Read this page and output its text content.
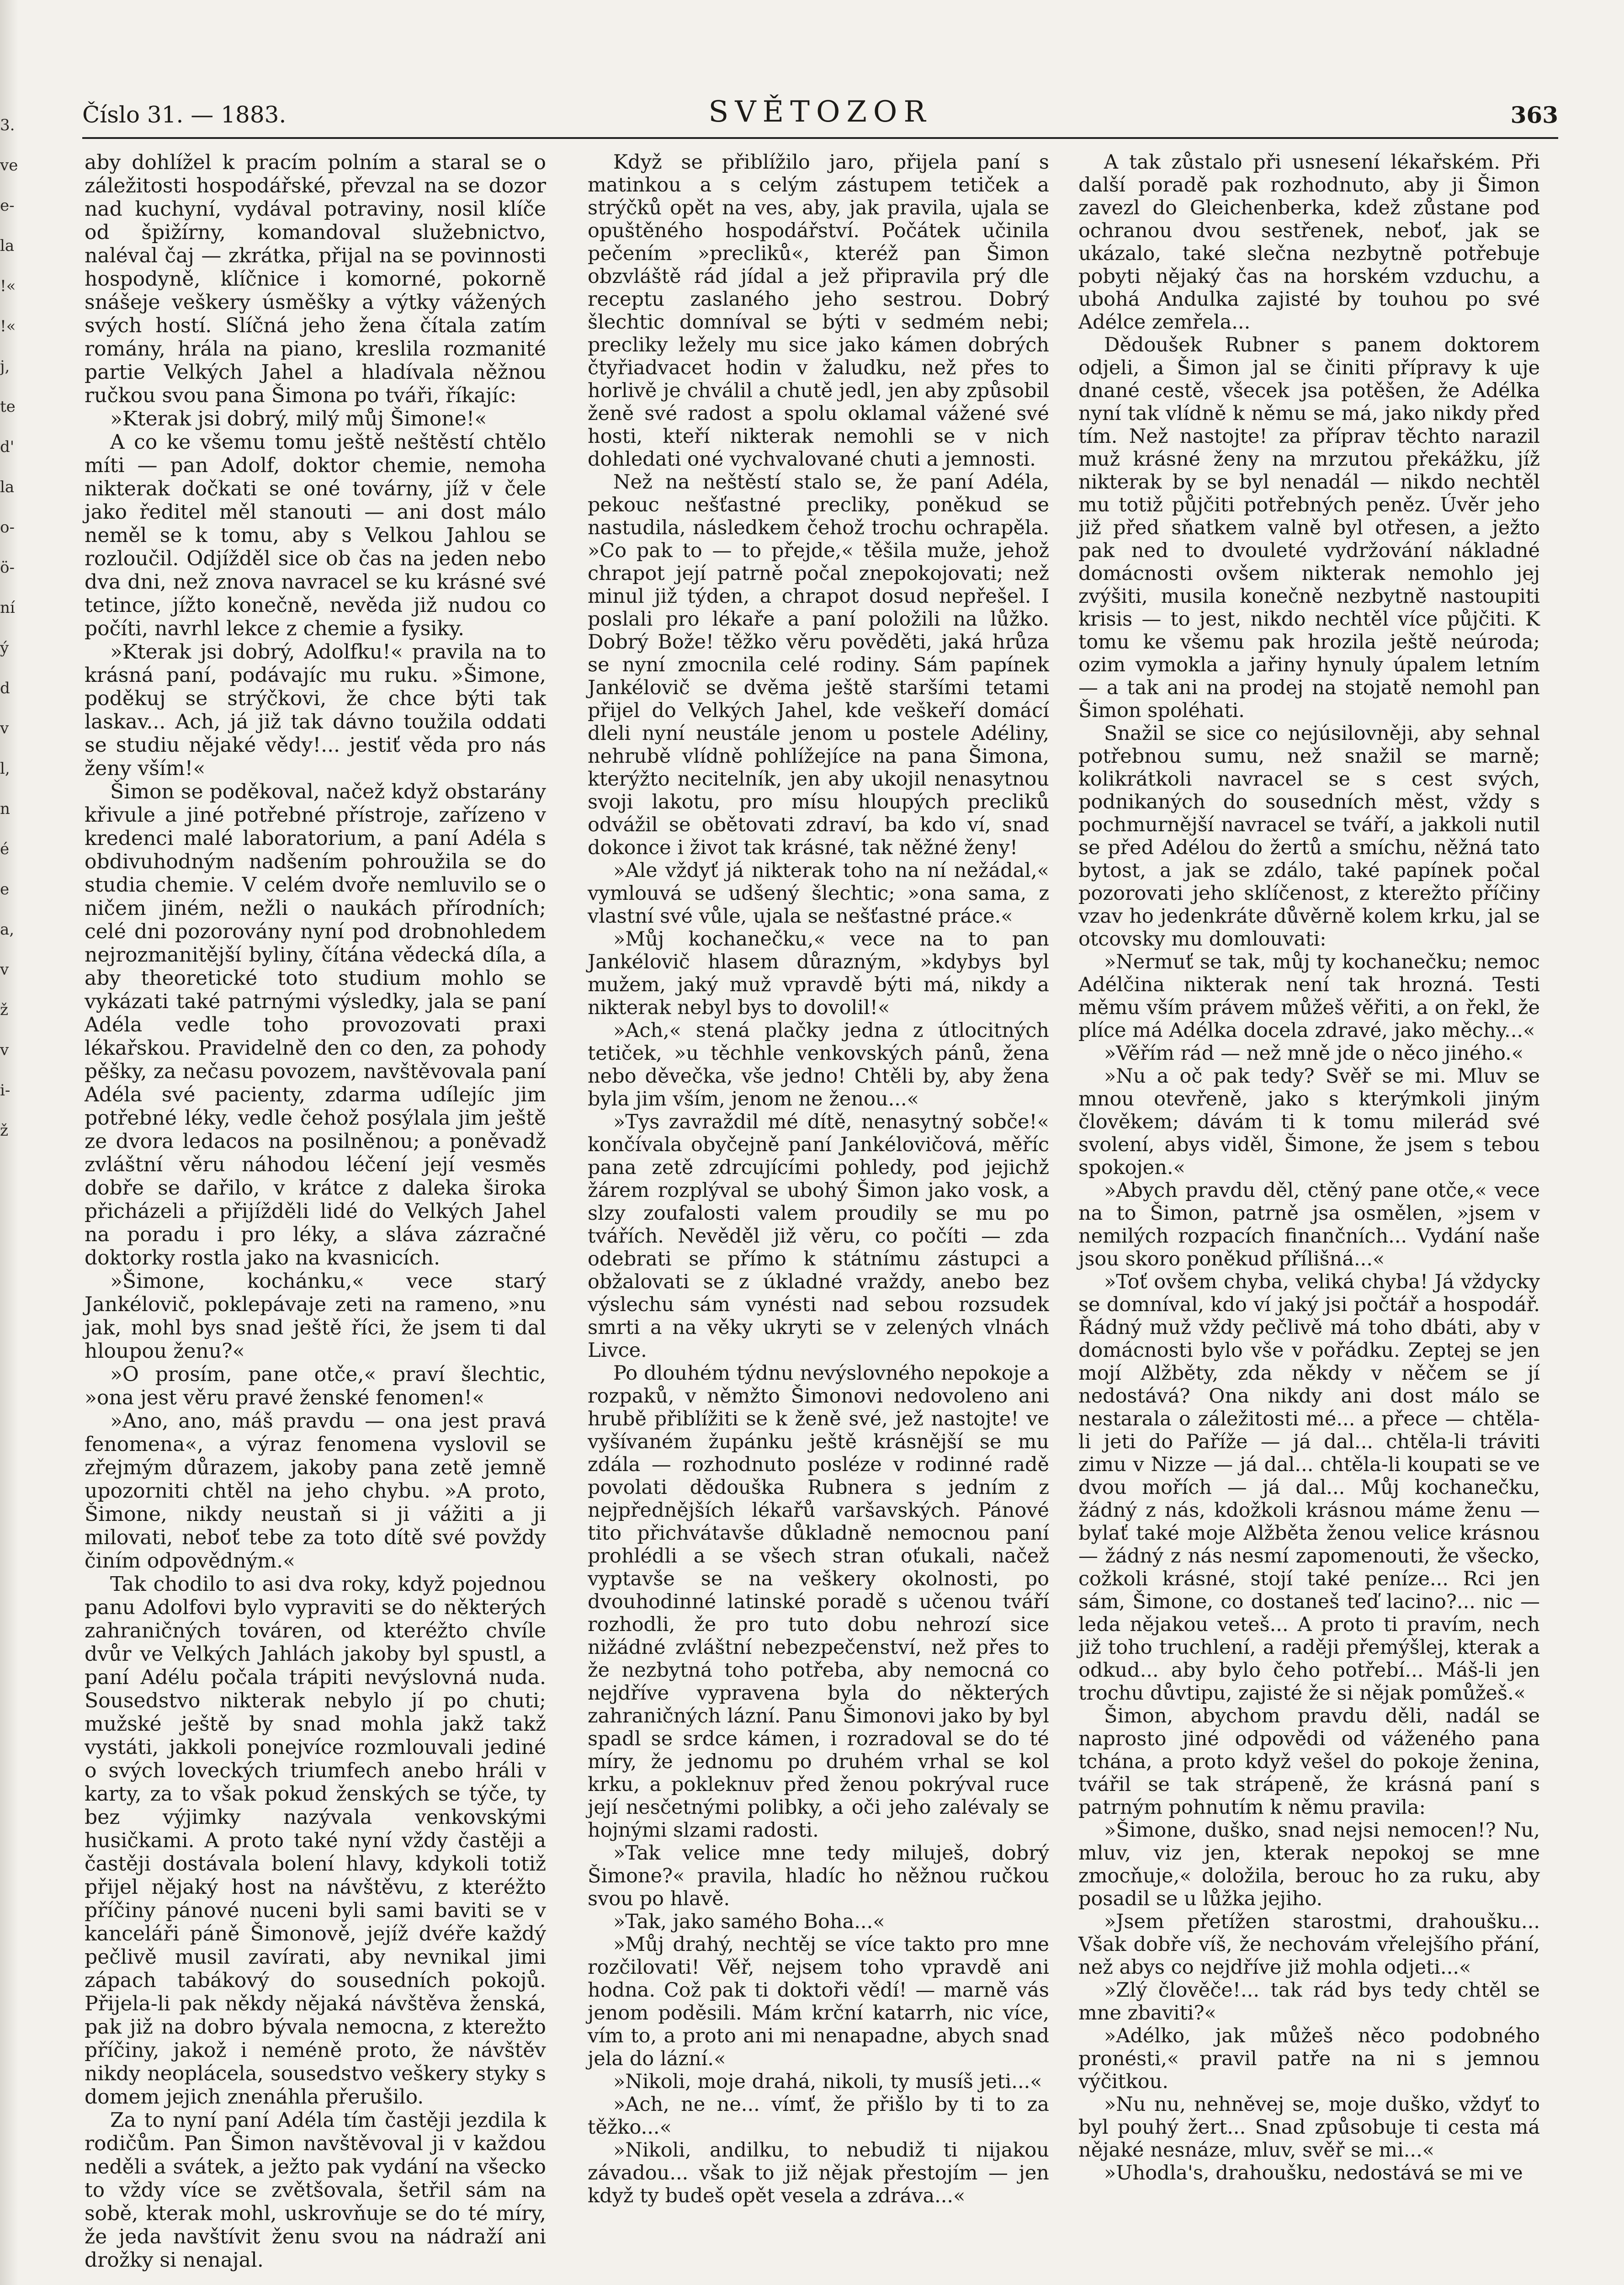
3.
ve
e-
la
!«
!«
j,
te
d'
la
o-
ö-
ní
ý
d
v
l,
n
é
e
a,
v
ž
v
i-
ž
Číslo 31. — 1883.	SVĚTOZOR	363

aby dohlížel k pracím polním a staral se o záležitosti hospodářské, převzal na se dozor nad kuchyní, vydával potraviny, nosil klíče od špižírny, komandoval služebnictvo, naléval čaj — zkrátka, přijal na se povinnosti hospodyně, klíčnice i komorné, pokorně snášeje veškery úsměšky a výtky vážených svých hostí. Slíčná jeho žena čítala zatím romány, hrála na piano, kreslila rozmanité partie Velkých Jahel a hladívala něžnou ručkou svou pana Šimona po tváři, říkajíc:

»Kterak jsi dobrý, milý můj Šimone!«

A co ke všemu tomu ještě neštěstí chtělo míti — pan Adolf, doktor chemie, nemoha nikterak dočkati se oné továrny, jíž v čele jako ředitel měl stanouti — ani dost málo neměl se k tomu, aby s Velkou Jahlou se rozloučil. Odjížděl sice ob čas na jeden nebo dva dni, než znova navracel se ku krásné své tetince, jížto konečně, nevěda již nudou co počíti, navrhl lekce z chemie a fysiky.

»Kterak jsi dobrý, Adolfku!« pravila na to krásná paní, podávajíc mu ruku. »Šimone, poděkuj se strýčkovi, že chce býti tak laskav... Ach, já již tak dávno toužila oddati se studiu nějaké vědy!... jestiť věda pro nás ženy vším!«

Šimon se poděkoval, načež když obstarány křivule a jiné potřebné přístroje, zařízeno v kredenci malé laboratorium, a paní Adéla s obdivuhodným nadšením pohroužila se do studia chemie. V celém dvoře nemluvilo se o ničem jiném, nežli o naukách přírodních; celé dni pozorovány nyní pod drobnohledem nejrozmanitější byliny, čítána vědecká díla, a aby theoretické toto studium mohlo se vykázati také patrnými výsledky, jala se paní Adéla vedle toho provozovati praxi lékařskou. Pravidelně den co den, za pohody pěšky, za nečasu povozem, navštěvovala paní Adéla své pacienty, zdarma udílejíc jim potřebné léky, vedle čehož posýlala jim ještě ze dvora ledacos na posilněnou; a poněvadž zvláštní věru náhodou léčení její vesměs dobře se dařilo, v krátce z daleka široka přicházeli a přijížděli lidé do Velkých Jahel na poradu i pro léky, a sláva zázračné doktorky rostla jako na kvasnicích.

»Šimone, kochánku,« vece starý Jankélovič, poklepávaje zeti na rameno, »nu jak, mohl bys snad ještě říci, že jsem ti dal hloupou ženu?«

»O prosím, pane otče,« praví šlechtic, »ona jest věru pravé ženské fenomen!«

»Ano, ano, máš pravdu — ona jest pravá fenomena«, a výraz fenomena vyslovil se zřejmým důrazem, jakoby pana zetě jemně upozorniti chtěl na jeho chybu. »A proto, Šimone, nikdy neustaň si ji vážiti a ji milovati, neboť tebe za toto dítě své povždy činím odpovědným.«

Tak chodilo to asi dva roky, když pojednou panu Adolfovi bylo vypraviti se do některých zahraničných továren, od kteréžto chvíle dvůr ve Velkých Jahlách jakoby byl spustl, a paní Adélu počala trápiti nevýslovná nuda. Sousedstvo nikterak nebylo jí po chuti; mužské ještě by snad mohla jakž takž vystáti, jakkoli ponejvíce rozmlouvali jediné o svých loveckých triumfech anebo hráli v karty, za to však pokud ženských se týče, ty bez výjimky nazývala venkovskými husičkami. A proto také nyní vždy častěji a častěji dostávala bolení hlavy, kdykoli totiž přijel nějaký host na návštěvu, z kteréžto příčiny pánové nuceni byli sami baviti se v kanceláři páně Šimonově, jejíž dvéře každý pečlivě musil zavírati, aby nevnikal jimi zápach tabákový do sousedních pokojů. Přijela-li pak někdy nějaká návštěva ženská, pak již na dobro bývala nemocna, z kterežto příčiny, jakož i neméně proto, že návštěv nikdy neoplácela, sousedstvo veškery styky s domem jejich znenáhla přerušilo.

Za to nyní paní Adéla tím častěji jezdila k rodičům. Pan Šimon navštěvoval ji v každou neděli a svátek, a ježto pak vydání na všecko to vždy více se zvětšovala, šetřil sám na sobě, kterak mohl, uskrovňuje se do té míry, že jeda navštívit ženu svou na nádraží ani drožky si nenajal.

Když se přiblížilo jaro, přijela paní s matinkou a s celým zástupem tetiček a strýčků opět na ves, aby, jak pravila, ujala se opuštěného hospodářství. Počátek učinila pečením »precliků«, kteréž pan Šimon obzvláště rád jídal a jež připravila prý dle receptu zaslaného jeho sestrou. Dobrý šlechtic domníval se býti v sedmém nebi; precliky ležely mu sice jako kámen dobrých čtyřiadvacet hodin v žaludku, než přes to horlivě je chválil a chutě jedl, jen aby způsobil ženě své radost a spolu oklamal vážené své hosti, kteří nikterak nemohli se v nich dohledati oné vychvalované chuti a jemnosti.

Než na neštěstí stalo se, že paní Adéla, pekouc nešťastné precliky, poněkud se nastudila, následkem čehož trochu ochrapěla. »Co pak to — to přejde,« těšila muže, jehož chrapot její patrně počal znepokojovati; než minul již týden, a chrapot dosud nepřešel. I poslali pro lékaře a paní položili na lůžko. Dobrý Bože! těžko věru pověděti, jaká hrůza se nyní zmocnila celé rodiny. Sám papínek Jankélovič se dvěma ještě staršími tetami přijel do Velkých Jahel, kde veškeří domácí dleli nyní neustále jenom u postele Adéliny, nehrubě vlídně pohlížejíce na pana Šimona, kterýžto necitelník, jen aby ukojil nenasytnou svoji lakotu, pro mísu hloupých precliků odvážil se obětovati zdraví, ba kdo ví, snad dokonce i život tak krásné, tak něžné ženy!

»Ale vždyť já nikterak toho na ní nežádal,« vymlouvá se udšený šlechtic; »ona sama, z vlastní své vůle, ujala se nešťastné práce.«

»Můj kochanečku,« vece na to pan Jankélovič hlasem důrazným, »kdybys byl mužem, jaký muž vpravdě býti má, nikdy a nikterak nebyl bys to dovolil!«

»Ach,« stená plačky jedna z útlocitných tetiček, »u těchhle venkovských pánů, žena nebo děvečka, vše jedno! Chtěli by, aby žena byla jim vším, jenom ne ženou...«

»Tys zavraždil mé dítě, nenasytný sobče!« končívala obyčejně paní Jankélovičová, měříc pana zetě zdrcujícími pohledy, pod jejichž žárem rozplýval se ubohý Šimon jako vosk, a slzy zoufalosti valem proudily se mu po tvářích. Nevěděl již věru, co počíti — zda odebrati se přímo k státnímu zástupci a obžalovati se z úkladné vraždy, anebo bez výslechu sám vynésti nad sebou rozsudek smrti a na věky ukryti se v zelených vlnách Livce.

Po dlouhém týdnu nevýslovného nepokoje a rozpaků, v němžto Šimonovi nedovoleno ani hrubě přiblížiti se k ženě své, jež nastojte! ve vyšívaném župánku ještě krásnější se mu zdála — rozhodnuto posléze v rodinné radě povolati dědouška Rubnera s jedním z nejpřednějších lékařů varšavských. Pánové tito přichvátavše důkladně nemocnou paní prohlédli a se všech stran oťukali, načež vyptavše se na veškery okolnosti, po dvouhodinné latinské poradě s učenou tváří rozhodli, že pro tuto dobu nehrozí sice nižádné zvláštní nebezpečenství, než přes to že nezbytná toho potřeba, aby nemocná co nejdříve vypravena byla do některých zahraničných lázní. Panu Šimonovi jako by byl spadl se srdce kámen, i rozradoval se do té míry, že jednomu po druhém vrhal se kol krku, a pokleknuv před ženou pokrýval ruce její nesčetnými polibky, a oči jeho zalévaly se hojnými slzami radosti.

»Tak velice mne tedy miluješ, dobrý Šimone?« pravila, hladíc ho něžnou ručkou svou po hlavě.

»Tak, jako samého Boha...«

»Můj drahý, nechtěj se více takto pro mne rozčilovati! Věř, nejsem toho vpravdě ani hodna. Což pak ti doktoři vědí! — marně vás jenom poděsili. Mám krční katarrh, nic více, vím to, a proto ani mi nenapadne, abych snad jela do lázní.«

»Nikoli, moje drahá, nikoli, ty musíš jeti...«

»Ach, ne ne... vímť, že přišlo by ti to za těžko...«

»Nikoli, andilku, to nebudiž ti nijakou závadou... však to již nějak přestojím — jen když ty budeš opět vesela a zdráva...«

A tak zůstalo při usnesení lékařském. Při další poradě pak rozhodnuto, aby ji Šimon zavezl do Gleichenberka, kdež zůstane pod ochranou dvou sestřenek, neboť, jak se ukázalo, také slečna nezbytně potřebuje pobyti nějaký čas na horském vzduchu, a ubohá Andulka zajisté by touhou po své Adélce zemřela...

Dědoušek Rubner s panem doktorem odjeli, a Šimon jal se činiti přípravy k uje dnané cestě, všecek jsa potěšen, že Adélka nyní tak vlídně k němu se má, jako nikdy před tím. Než nastojte! za příprav těchto narazil muž krásné ženy na mrzutou překážku, jíž nikterak by se byl nenadál — nikdo nechtěl mu totiž půjčiti potřebných peněz. Úvěr jeho již před sňatkem valně byl otřesen, a ježto pak ned to dvouleté vydržování nákladné domácnosti ovšem nikterak nemohlo jej zvýšiti, musila konečně nezbytně nastoupiti krisis — to jest, nikdo nechtěl více půjčiti. K tomu ke všemu pak hrozila ještě neúroda; ozim vymokla a jařiny hynuly úpalem letním — a tak ani na prodej na stojatě nemohl pan Šimon spoléhati.

Snažil se sice co nejúsilovněji, aby sehnal potřebnou sumu, než snažil se marně; kolikrátkoli navracel se s cest svých, podnikaných do sousedních měst, vždy s pochmurnější navracel se tváří, a jakkoli nutil se před Adélou do žertů a smíchu, něžná tato bytost, a jak se zdálo, také papínek počal pozorovati jeho sklíčenost, z kterežto příčiny vzav ho jedenkráte důvěrně kolem krku, jal se otcovsky mu domlouvati:

»Nermuť se tak, můj ty kochanečku; nemoc Adélčina nikterak není tak hrozná. Testi měmu vším právem můžeš věřiti, a on řekl, že plíce má Adélka docela zdravé, jako měchy...«

»Věřím rád — než mně jde o něco jiného.«

»Nu a oč pak tedy? Svěř se mi. Mluv se mnou otevřeně, jako s kterýmkoli jiným člověkem; dávám ti k tomu milerád své svolení, abys viděl, Šimone, že jsem s tebou spokojen.«

»Abych pravdu děl, ctěný pane otče,« vece na to Šimon, patrně jsa osmělen, »jsem v nemilých rozpacích finančních... Vydání naše jsou skoro poněkud přílišná...«

»Toť ovšem chyba, veliká chyba! Já vždycky se domníval, kdo ví jaký jsi počtář a hospodář. Řádný muž vždy pečlivě má toho dbáti, aby v domácnosti bylo vše v pořádku. Zeptej se jen mojí Alžběty, zda někdy v něčem se jí nedostává? Ona nikdy ani dost málo se nestarala o záležitosti mé... a přece — chtěla-li jeti do Paříže — já dal... chtěla-li tráviti zimu v Nizze — já dal... chtěla-li koupati se ve dvou mořích — já dal... Můj kochanečku, žádný z nás, kdožkoli krásnou máme ženu — bylať také moje Alžběta ženou velice krásnou — žádný z nás nesmí zapomenouti, že všecko, cožkoli krásné, stojí také peníze... Rci jen sám, Šimone, co dostaneš teď lacino?... nic — leda nějakou veteš... A proto ti pravím, nech již toho truchlení, a raději přemýšlej, kterak a odkud... aby bylo čeho potřebí... Máš-li jen trochu důvtipu, zajisté že si nějak pomůžeš.«

Šimon, abychom pravdu děli, nadál se naprosto jiné odpovědi od váženého pana tchána, a proto když vešel do pokoje ženina, tvářil se tak strápeně, že krásná paní s patrným pohnutím k němu pravila:

»Šimone, duško, snad nejsi nemocen!? Nu, mluv, viz jen, kterak nepokoj se mne zmocňuje,« doložila, berouc ho za ruku, aby posadil se u lůžka jejiho.

»Jsem přetížen starostmi, drahoušku... Však dobře víš, že nechovám vřelejšího přání, než abys co nejdříve již mohla odjeti...«

»Zlý člověče!... tak rád bys tedy chtěl se mne zbaviti?«

»Adélko, jak můžeš něco podobného pronésti,« pravil patře na ni s jemnou výčitkou.

»Nu nu, nehněvej se, moje duško, vždyť to byl pouhý žert... Snad způsobuje ti cesta má nějaké nesnáze, mluv, svěř se mi...«

»Uhodla's, drahoušku, nedostává se mi ve
